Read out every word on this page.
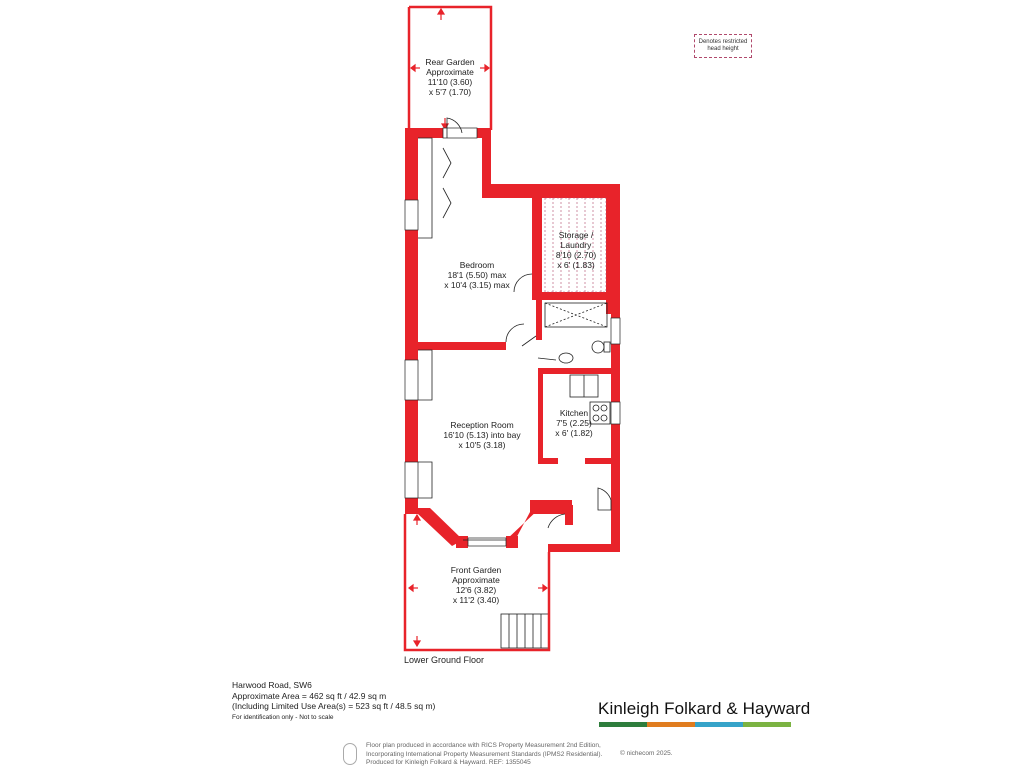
Rear Garden
Approximate
11'10 (3.60)
x 5'7 (1.70)
Storage /
Laundry
8'10 (2.70)
x 6' (1.83)
Bedroom
18'1 (5.50) max
x 10'4 (3.15) max
Reception Room
16'10 (5.13) into bay
x 10'5 (3.18)
Kitchen
7'5 (2.25)
x 6' (1.82)
Front Garden
Approximate
12'6 (3.82)
x 11'2 (3.40)
Denotes restricted head height
Lower Ground Floor
Harwood Road, SW6
Approximate Area = 462 sq ft / 42.9 sq m
(Including Limited Use Area(s) = 523 sq ft / 48.5 sq m)
For identification only - Not to scale	Kinleigh Folkard & Hayward
Floor plan produced in accordance with RICS Property Measurement 2nd Edition,
Incorporating International Property Measurement Standards (IPMS2 Residential).
Produced for Kinleigh Folkard & Hayward. REF: 1355045
© nichecom 2025.
